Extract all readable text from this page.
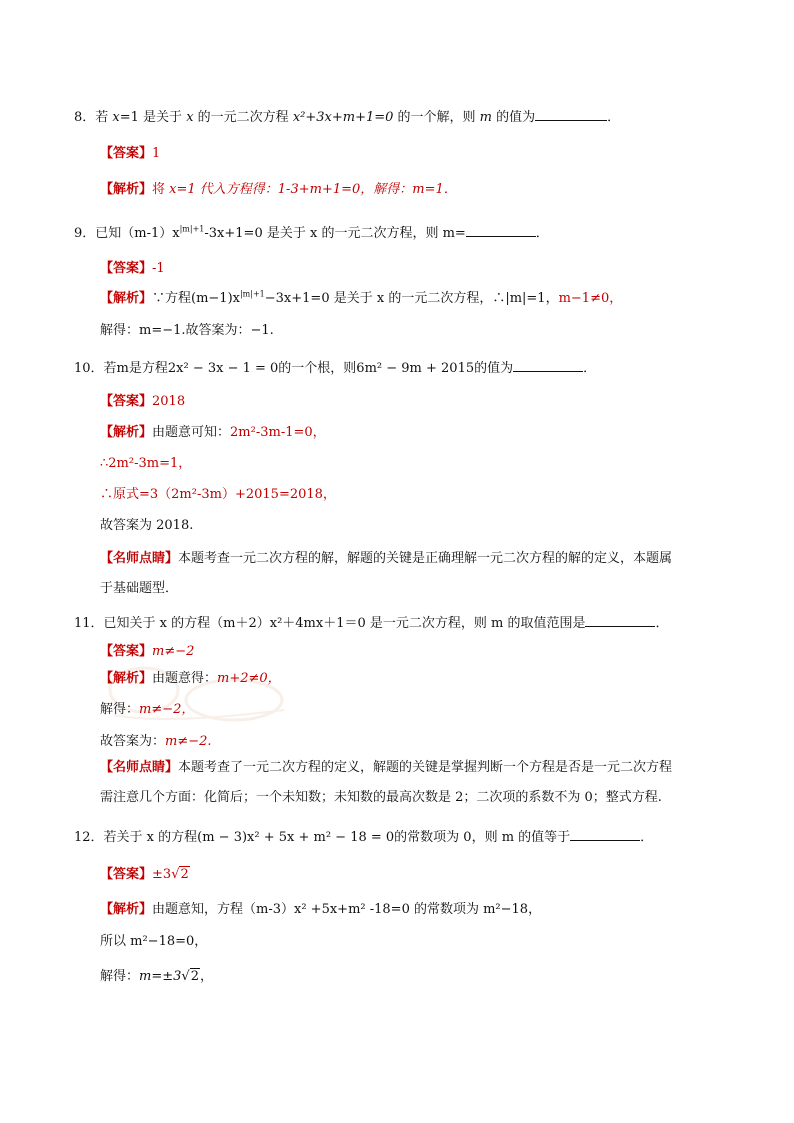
8．若 x=1 是关于 x 的一元二次方程 x²+3x+m+1=0 的一个解，则 m 的值为	．
【答案】1
【解析】将 x=1 代入方程得：1-3+m+1=0，解得：m=1．
9．已知$(m-1)x^{|m|+1}-3x+1=0$ 是关于 x 的一元二次方程，则 m=	．
【答案】-1
【解析】∵方程$(m-1)x^{|m|+1}-3x+1=0$ 是关于 x 的一元二次方程，∴|m|=1，m−1≠0，
解得：m=−1.故答案为：−1.
10．若m是方程2x² − 3x − 1 = 0的一个根，则6m² − 9m + 2015的值为	．
【答案】2018
【解析】由题意可知：2m²-3m-1=0，
∴2m²-3m=1，
∴原式=3（2m²-3m）+2015=2018，
故答案为 2018.
【名师点睛】本题考查一元二次方程的解，解题的关键是正确理解一元二次方程的解的定义，本题属
于基础题型．
11．已知关于 x 的方程（m＋2）x²＋4mx＋1＝0 是一元二次方程，则 m 的取值范围是	．
【答案】m≠−2
【解析】由题意得：m+2≠0，
解得：m≠−2，
故答案为：m≠−2.
【名师点睛】本题考查了一元二次方程的定义，解题的关键是掌握判断一个方程是否是一元二次方程
需注意几个方面：化简后；一个未知数；未知数的最高次数是 2；二次项的系数不为 0；整式方程.
12．若关于 x 的方程(m − 3)x² + 5x + m² − 18 = 0的常数项为 0，则 m 的值等于	．
【答案】±3√2
【解析】由题意知，方程（m-3）x² +5x+m² -18=0 的常数项为 m²−18，
所以 m²−18=0，
解得：m=±3√2，
